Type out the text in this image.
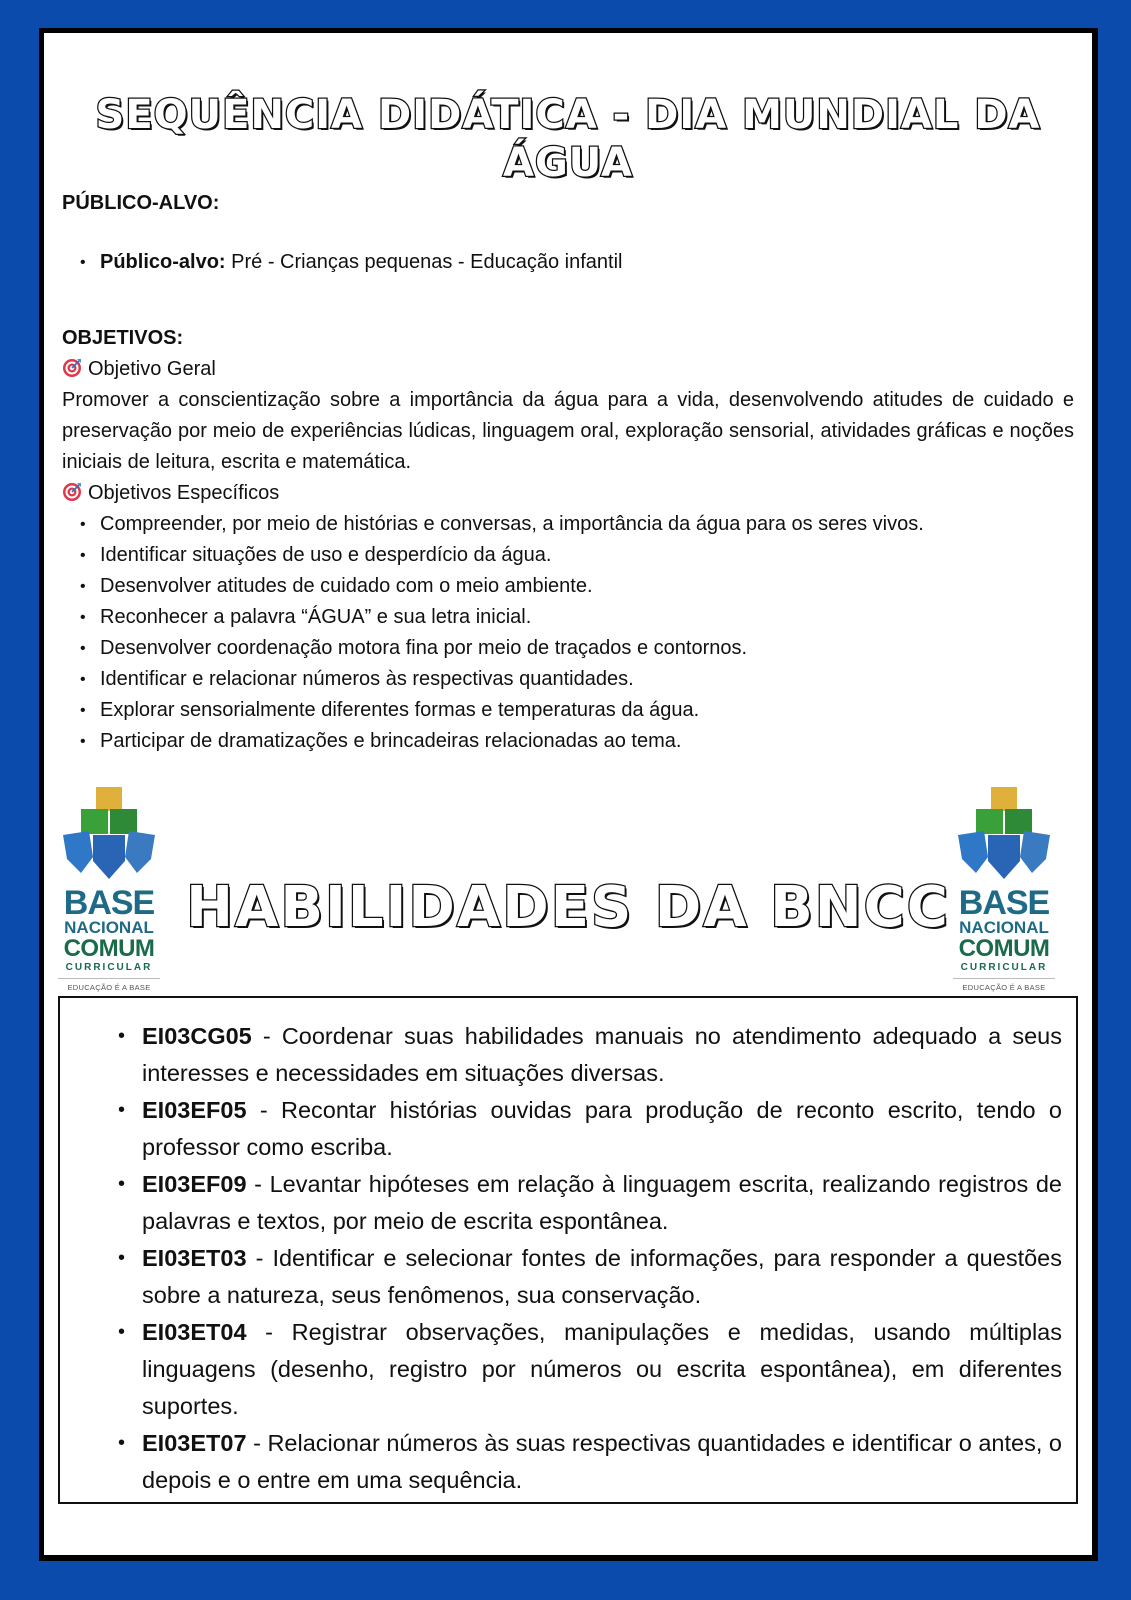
SEQUÊNCIA DIDÁTICA - DIA MUNDIAL DA ÁGUA
PÚBLICO-ALVO:
• Público-alvo: Pré - Crianças pequenas - Educação infantil
OBJETIVOS:
Objetivo Geral
Promover a conscientização sobre a importância da água para a vida, desenvolvendo atitudes de cuidado e preservação por meio de experiências lúdicas, linguagem oral, exploração sensorial, atividades gráficas e noções iniciais de leitura, escrita e matemática.
Objetivos Específicos
• Compreender, por meio de histórias e conversas, a importância da água para os seres vivos.
• Identificar situações de uso e desperdício da água.
• Desenvolver atitudes de cuidado com o meio ambiente.
• Reconhecer a palavra “ÁGUA” e sua letra inicial.
• Desenvolver coordenação motora fina por meio de traçados e contornos.
• Identificar e relacionar números às respectivas quantidades.
• Explorar sensorialmente diferentes formas e temperaturas da água.
• Participar de dramatizações e brincadeiras relacionadas ao tema.
BASE
NACIONAL
COMUM
CURRICULAR
EDUCAÇÃO É A BASE
HABILIDADES DA BNCC BASE
NACIONAL
COMUM
CURRICULAR
EDUCAÇÃO É A BASE
• EI03CG05 - Coordenar suas habilidades manuais no atendimento adequado a seus interesses e necessidades em situações diversas.
• EI03EF05 - Recontar histórias ouvidas para produção de reconto escrito, tendo o professor como escriba.
• EI03EF09 - Levantar hipóteses em relação à linguagem escrita, realizando registros de palavras e textos, por meio de escrita espontânea.
• EI03ET03 - Identificar e selecionar fontes de informações, para responder a questões sobre a natureza, seus fenômenos, sua conservação.
• EI03ET04 - Registrar observações, manipulações e medidas, usando múltiplas linguagens (desenho, registro por números ou escrita espontânea), em diferentes suportes.
• EI03ET07 - Relacionar números às suas respectivas quantidades e identificar o antes, o depois e o entre em uma sequência.
